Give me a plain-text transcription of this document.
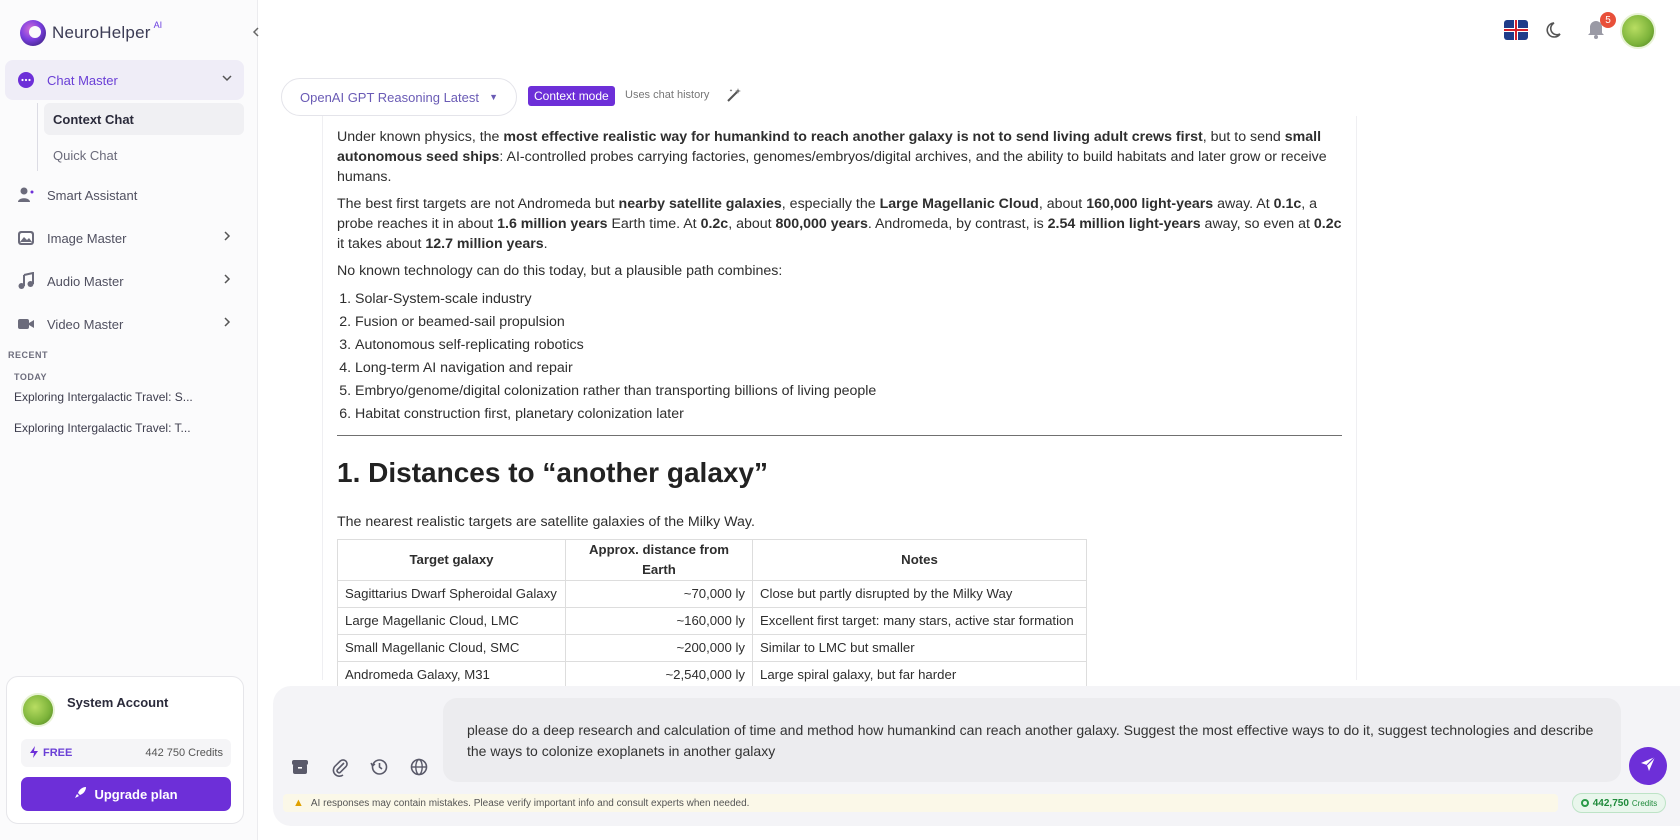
NeuroHelper AI
Chat Master
Context Chat
Quick Chat
Smart Assistant
Image Master
Audio Master
Video Master
RECENT
TODAY
Exploring Intergalactic Travel: S...
Exploring Intergalactic Travel: T...
System Account
FREE	442 750 Credits
Upgrade plan
5
OpenAI GPT Reasoning Latest ▼	Context mode	Uses chat history

Under known physics, the most effective realistic way for humankind to reach another galaxy is not to send living adult crews first, but to send small autonomous seed ships: AI-controlled probes carrying factories, genomes/embryos/digital archives, and the ability to build habitats and later grow or receive humans.

The best first targets are not Andromeda but nearby satellite galaxies, especially the Large Magellanic Cloud, about 160,000 light-years away. At 0.1c, a probe reaches it in about 1.6 million years Earth time. At 0.2c, about 800,000 years. Andromeda, by contrast, is 2.54 million light-years away, so even at 0.2c it takes about 12.7 million years.

No known technology can do this today, but a plausible path combines:

1. Solar-System-scale industry
2. Fusion or beamed-sail propulsion
3. Autonomous self-replicating robotics
4. Long-term AI navigation and repair
5. Embryo/genome/digital colonization rather than transporting billions of living people
6. Habitat construction first, planetary colonization later
1. Distances to “another galaxy”

The nearest realistic targets are satellite galaxies of the Milky Way.

Target galaxy	Approx. distance from Earth	Notes
Sagittarius Dwarf Spheroidal Galaxy	~70,000 ly	Close but partly disrupted by the Milky Way
Large Magellanic Cloud, LMC	~160,000 ly	Excellent first target: many stars, active star formation
Small Magellanic Cloud, SMC	~200,000 ly	Similar to LMC but smaller
Andromeda Galaxy, M31	~2,540,000 ly	Large spiral galaxy, but far harder

please do a deep research and calculation of time and method how humankind can reach another galaxy. Suggest the most effective ways to do it, suggest technologies and describe the ways to colonize exoplanets in another galaxy
▲ AI responses may contain mistakes. Please verify important info and consult experts when needed.	442,750 Credits
